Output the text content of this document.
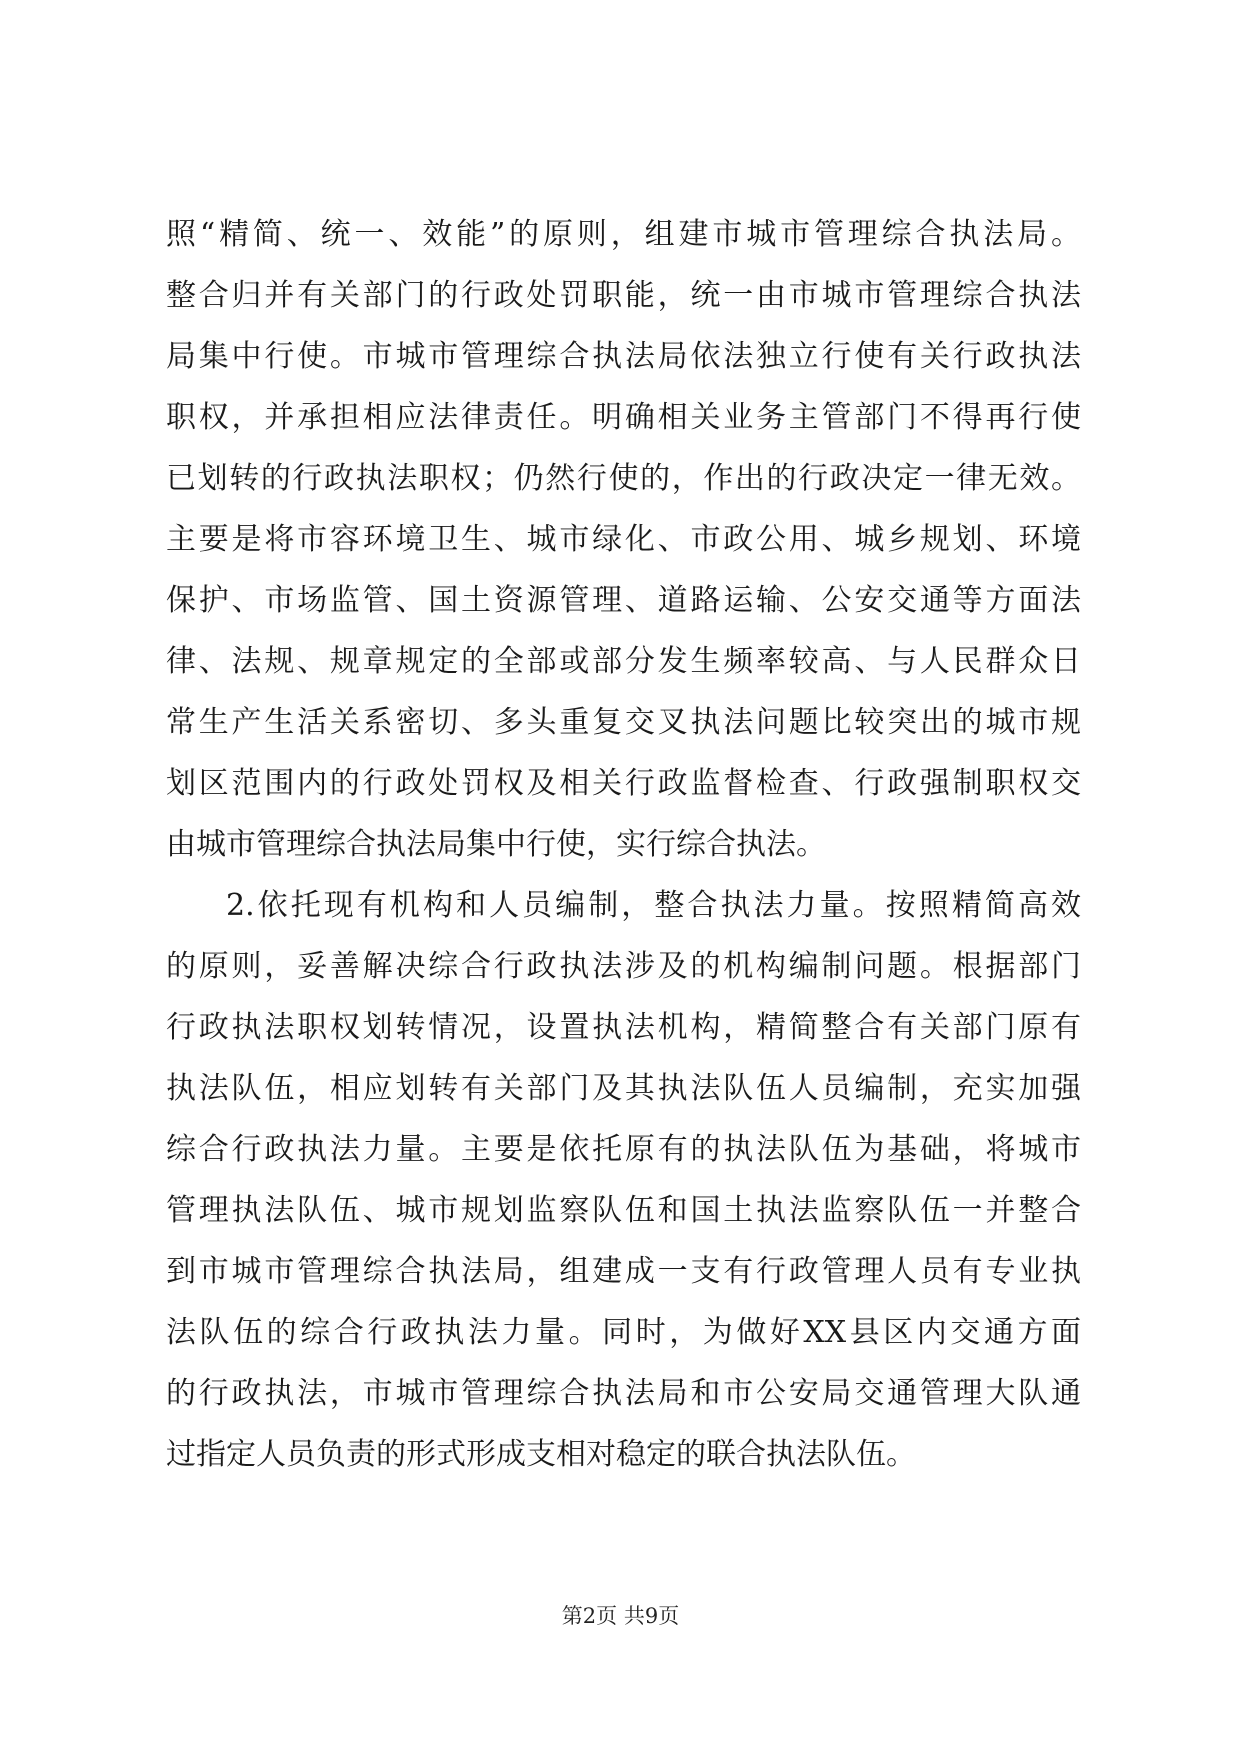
照“精简、统一、效能”的原则，组建市城市管理综合执法局。
整合归并有关部门的行政处罚职能，统一由市城市管理综合执法
局集中行使。市城市管理综合执法局依法独立行使有关行政执法
职权，并承担相应法律责任。明确相关业务主管部门不得再行使
已划转的行政执法职权；仍然行使的，作出的行政决定一律无效。
主要是将市容环境卫生、城市绿化、市政公用、城乡规划、环境
保护、市场监管、国土资源管理、道路运输、公安交通等方面法
律、法规、规章规定的全部或部分发生频率较高、与人民群众日
常生产生活关系密切、多头重复交叉执法问题比较突出的城市规
划区范围内的行政处罚权及相关行政监督检查、行政强制职权交
由城市管理综合执法局集中行使，实行综合执法。
2.依托现有机构和人员编制，整合执法力量。按照精简高效
的原则，妥善解决综合行政执法涉及的机构编制问题。根据部门
行政执法职权划转情况，设置执法机构，精简整合有关部门原有
执法队伍，相应划转有关部门及其执法队伍人员编制，充实加强
综合行政执法力量。主要是依托原有的执法队伍为基础，将城市
管理执法队伍、城市规划监察队伍和国土执法监察队伍一并整合
到市城市管理综合执法局，组建成一支有行政管理人员有专业执
法队伍的综合行政执法力量。同时，为做好XX县区内交通方面
的行政执法，市城市管理综合执法局和市公安局交通管理大队通
过指定人员负责的形式形成支相对稳定的联合执法队伍。
第2页 共9页
